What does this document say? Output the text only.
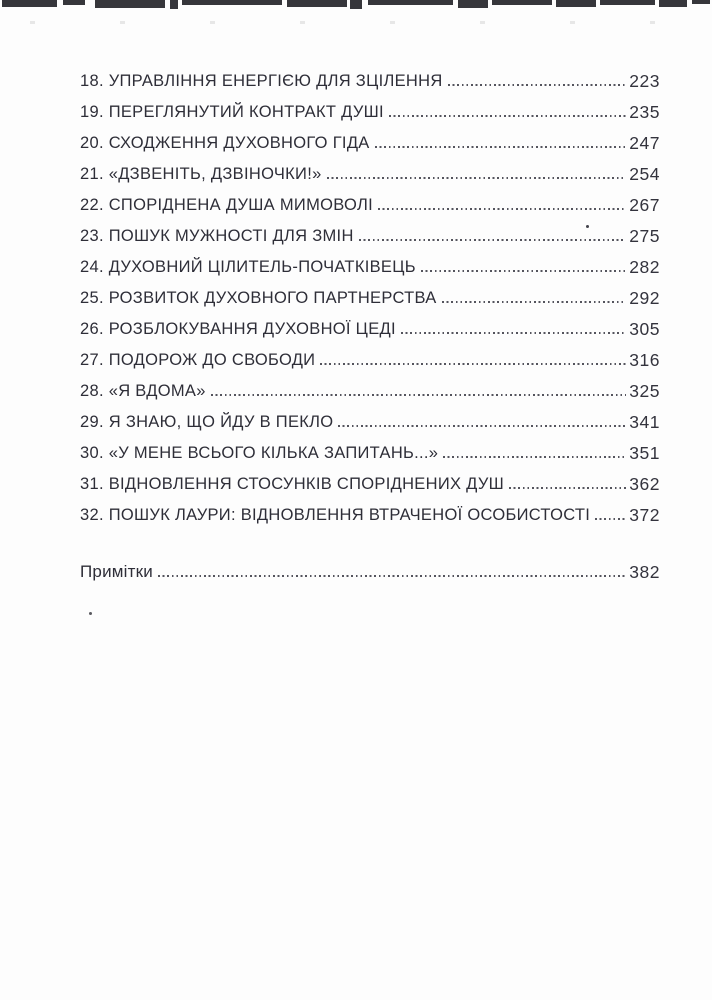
18. УПРАВЛІННЯ ЕНЕРГІЄЮ ДЛЯ ЗЦІЛЕННЯ	223
19. ПЕРЕГЛЯНУТИЙ КОНТРАКТ ДУШІ	235
20. СХОДЖЕННЯ ДУХОВНОГО ГІДА	247
21. «ДЗВЕНІТЬ, ДЗВІНОЧКИ!»	254
22. СПОРІДНЕНА ДУША МИМОВОЛІ	267
23. ПОШУК МУЖНОСТІ ДЛЯ ЗМІН	275
24. ДУХОВНИЙ ЦІЛИТЕЛЬ-ПОЧАТКІВЕЦЬ	282
25. РОЗВИТОК ДУХОВНОГО ПАРТНЕРСТВА	292
26. РОЗБЛОКУВАННЯ ДУХОВНОЇ ЦЕДІ	305
27. ПОДОРОЖ ДО СВОБОДИ	316
28. «Я ВДОМА»	325
29. Я ЗНАЮ, ЩО ЙДУ В ПЕКЛО	341
30. «У МЕНЕ ВСЬОГО КІЛЬКА ЗАПИТАНЬ...»	351
31. ВІДНОВЛЕННЯ СТОСУНКІВ СПОРІДНЕНИХ ДУШ	362
32. ПОШУК ЛАУРИ: ВІДНОВЛЕННЯ ВТРАЧЕНОЇ ОСОБИСТОСТІ 372
Примітки	382
